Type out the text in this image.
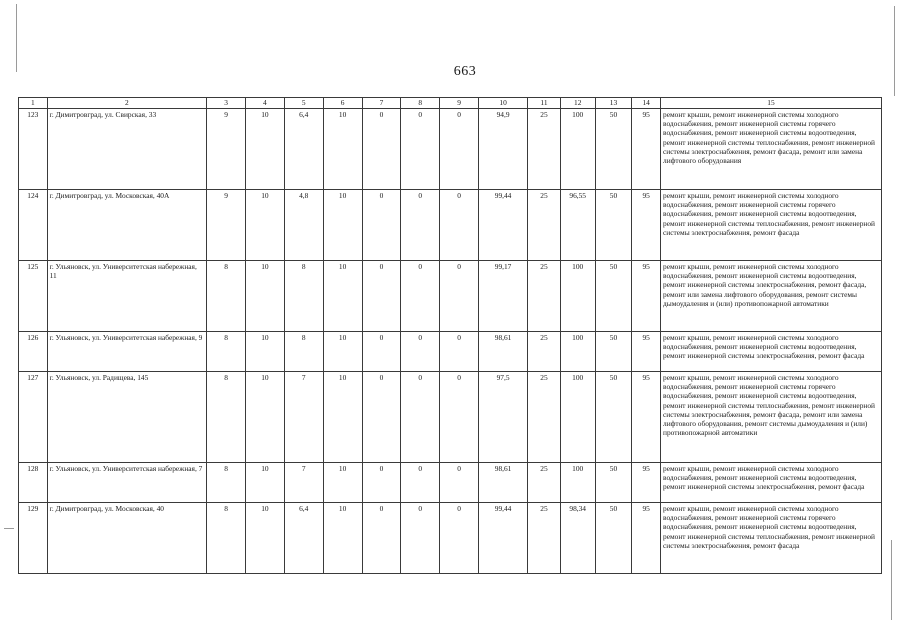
663
1	2	3	4	5	6	7	8	9	10	11	12	13	14	15
123	г. Димитровград, ул. Свирская, 33	9	10	6,4	10	0	0	0	94,9	25	100	50	95	ремонт крыши, ремонт инженерной системы холодного водоснабжения, ремонт инженерной системы горячего водоснабжения, ремонт инженерной системы водоотведения, ремонт инженерной системы теплоснабжения, ремонт инженерной системы электроснабжения, ремонт фасада, ремонт или замена лифтового оборудования
124	г. Димитровград, ул. Московская, 40А	9	10	4,8	10	0	0	0	99,44	25	96,55	50	95	ремонт крыши, ремонт инженерной системы холодного водоснабжения, ремонт инженерной системы горячего водоснабжения, ремонт инженерной системы водоотведения, ремонт инженерной системы теплоснабжения, ремонт инженерной системы электроснабжения, ремонт фасада
125	г. Ульяновск, ул. Университетская набережная, 11	8	10	8	10	0	0	0	99,17	25	100	50	95	ремонт крыши, ремонт инженерной системы холодного водоснабжения, ремонт инженерной системы водоотведения, ремонт инженерной системы электроснабжения, ремонт фасада, ремонт или замена лифтового оборудования, ремонт системы дымоудаления и (или) противопожарной автоматики
126	г. Ульяновск, ул. Университетская набережная, 9	8	10	8	10	0	0	0	98,61	25	100	50	95	ремонт крыши, ремонт инженерной системы холодного водоснабжения, ремонт инженерной системы водоотведения, ремонт инженерной системы электроснабжения, ремонт фасада
127	г. Ульяновск, ул. Радищева, 145	8	10	7	10	0	0	0	97,5	25	100	50	95	ремонт крыши, ремонт инженерной системы холодного водоснабжения, ремонт инженерной системы горячего водоснабжения, ремонт инженерной системы водоотведения, ремонт инженерной системы теплоснабжения, ремонт инженерной системы электроснабжения, ремонт фасада, ремонт или замена лифтового оборудования, ремонт системы дымоудаления и (или) противопожарной автоматики
128	г. Ульяновск, ул. Университетская набережная, 7	8	10	7	10	0	0	0	98,61	25	100	50	95	ремонт крыши, ремонт инженерной системы холодного водоснабжения, ремонт инженерной системы водоотведения, ремонт инженерной системы электроснабжения, ремонт фасада
129	г. Димитровград, ул. Московская, 40	8	10	6,4	10	0	0	0	99,44	25	98,34	50	95	ремонт крыши, ремонт инженерной системы холодного водоснабжения, ремонт инженерной системы горячего водоснабжения, ремонт инженерной системы водоотведения, ремонт инженерной системы теплоснабжения, ремонт инженерной системы электроснабжения, ремонт фасада
